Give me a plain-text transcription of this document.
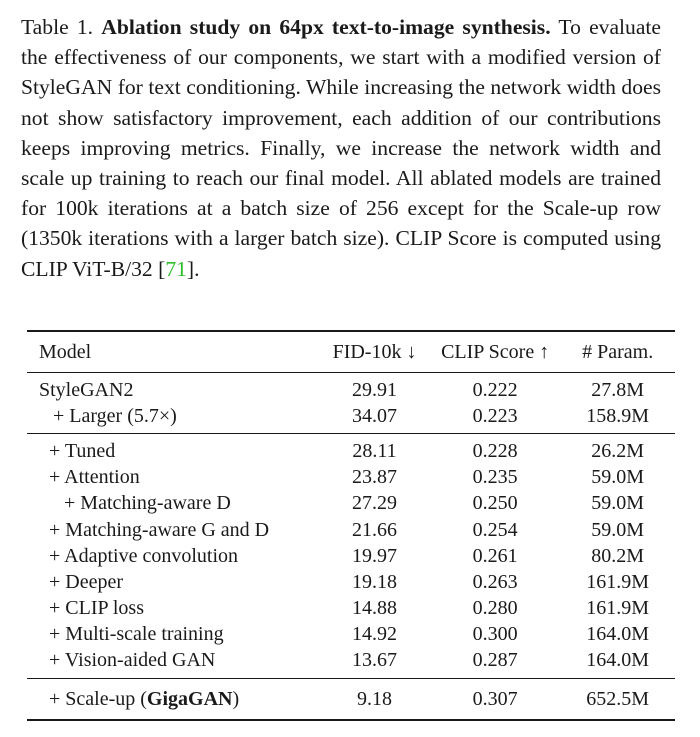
Table 1. Ablation study on 64px text-to-image synthesis. To evaluate the effectiveness of our components, we start with a modified version of StyleGAN for text conditioning. While increasing the network width does not show satisfactory improvement, each addition of our contributions keeps improving metrics. Finally, we increase the network width and scale up training to reach our final model. All ablated models are trained for 100k iterations at a batch size of 256 except for the Scale-up row (1350k iterations with a larger batch size). CLIP Score is computed using CLIP ViT-B/32 [71].
Model	FID-10k ↓	CLIP Score ↑	# Param.
StyleGAN2	29.91	0.222	27.8M
+ Larger (5.7×)	34.07	0.223	158.9M
+ Tuned	28.11	0.228	26.2M
+ Attention	23.87	0.235	59.0M
+ Matching-aware D	27.29	0.250	59.0M
+ Matching-aware G and D	21.66	0.254	59.0M
+ Adaptive convolution	19.97	0.261	80.2M
+ Deeper	19.18	0.263	161.9M
+ CLIP loss	14.88	0.280	161.9M
+ Multi-scale training	14.92	0.300	164.0M
+ Vision-aided GAN	13.67	0.287	164.0M
+ Scale-up (GigaGAN)	9.18	0.307	652.5M
